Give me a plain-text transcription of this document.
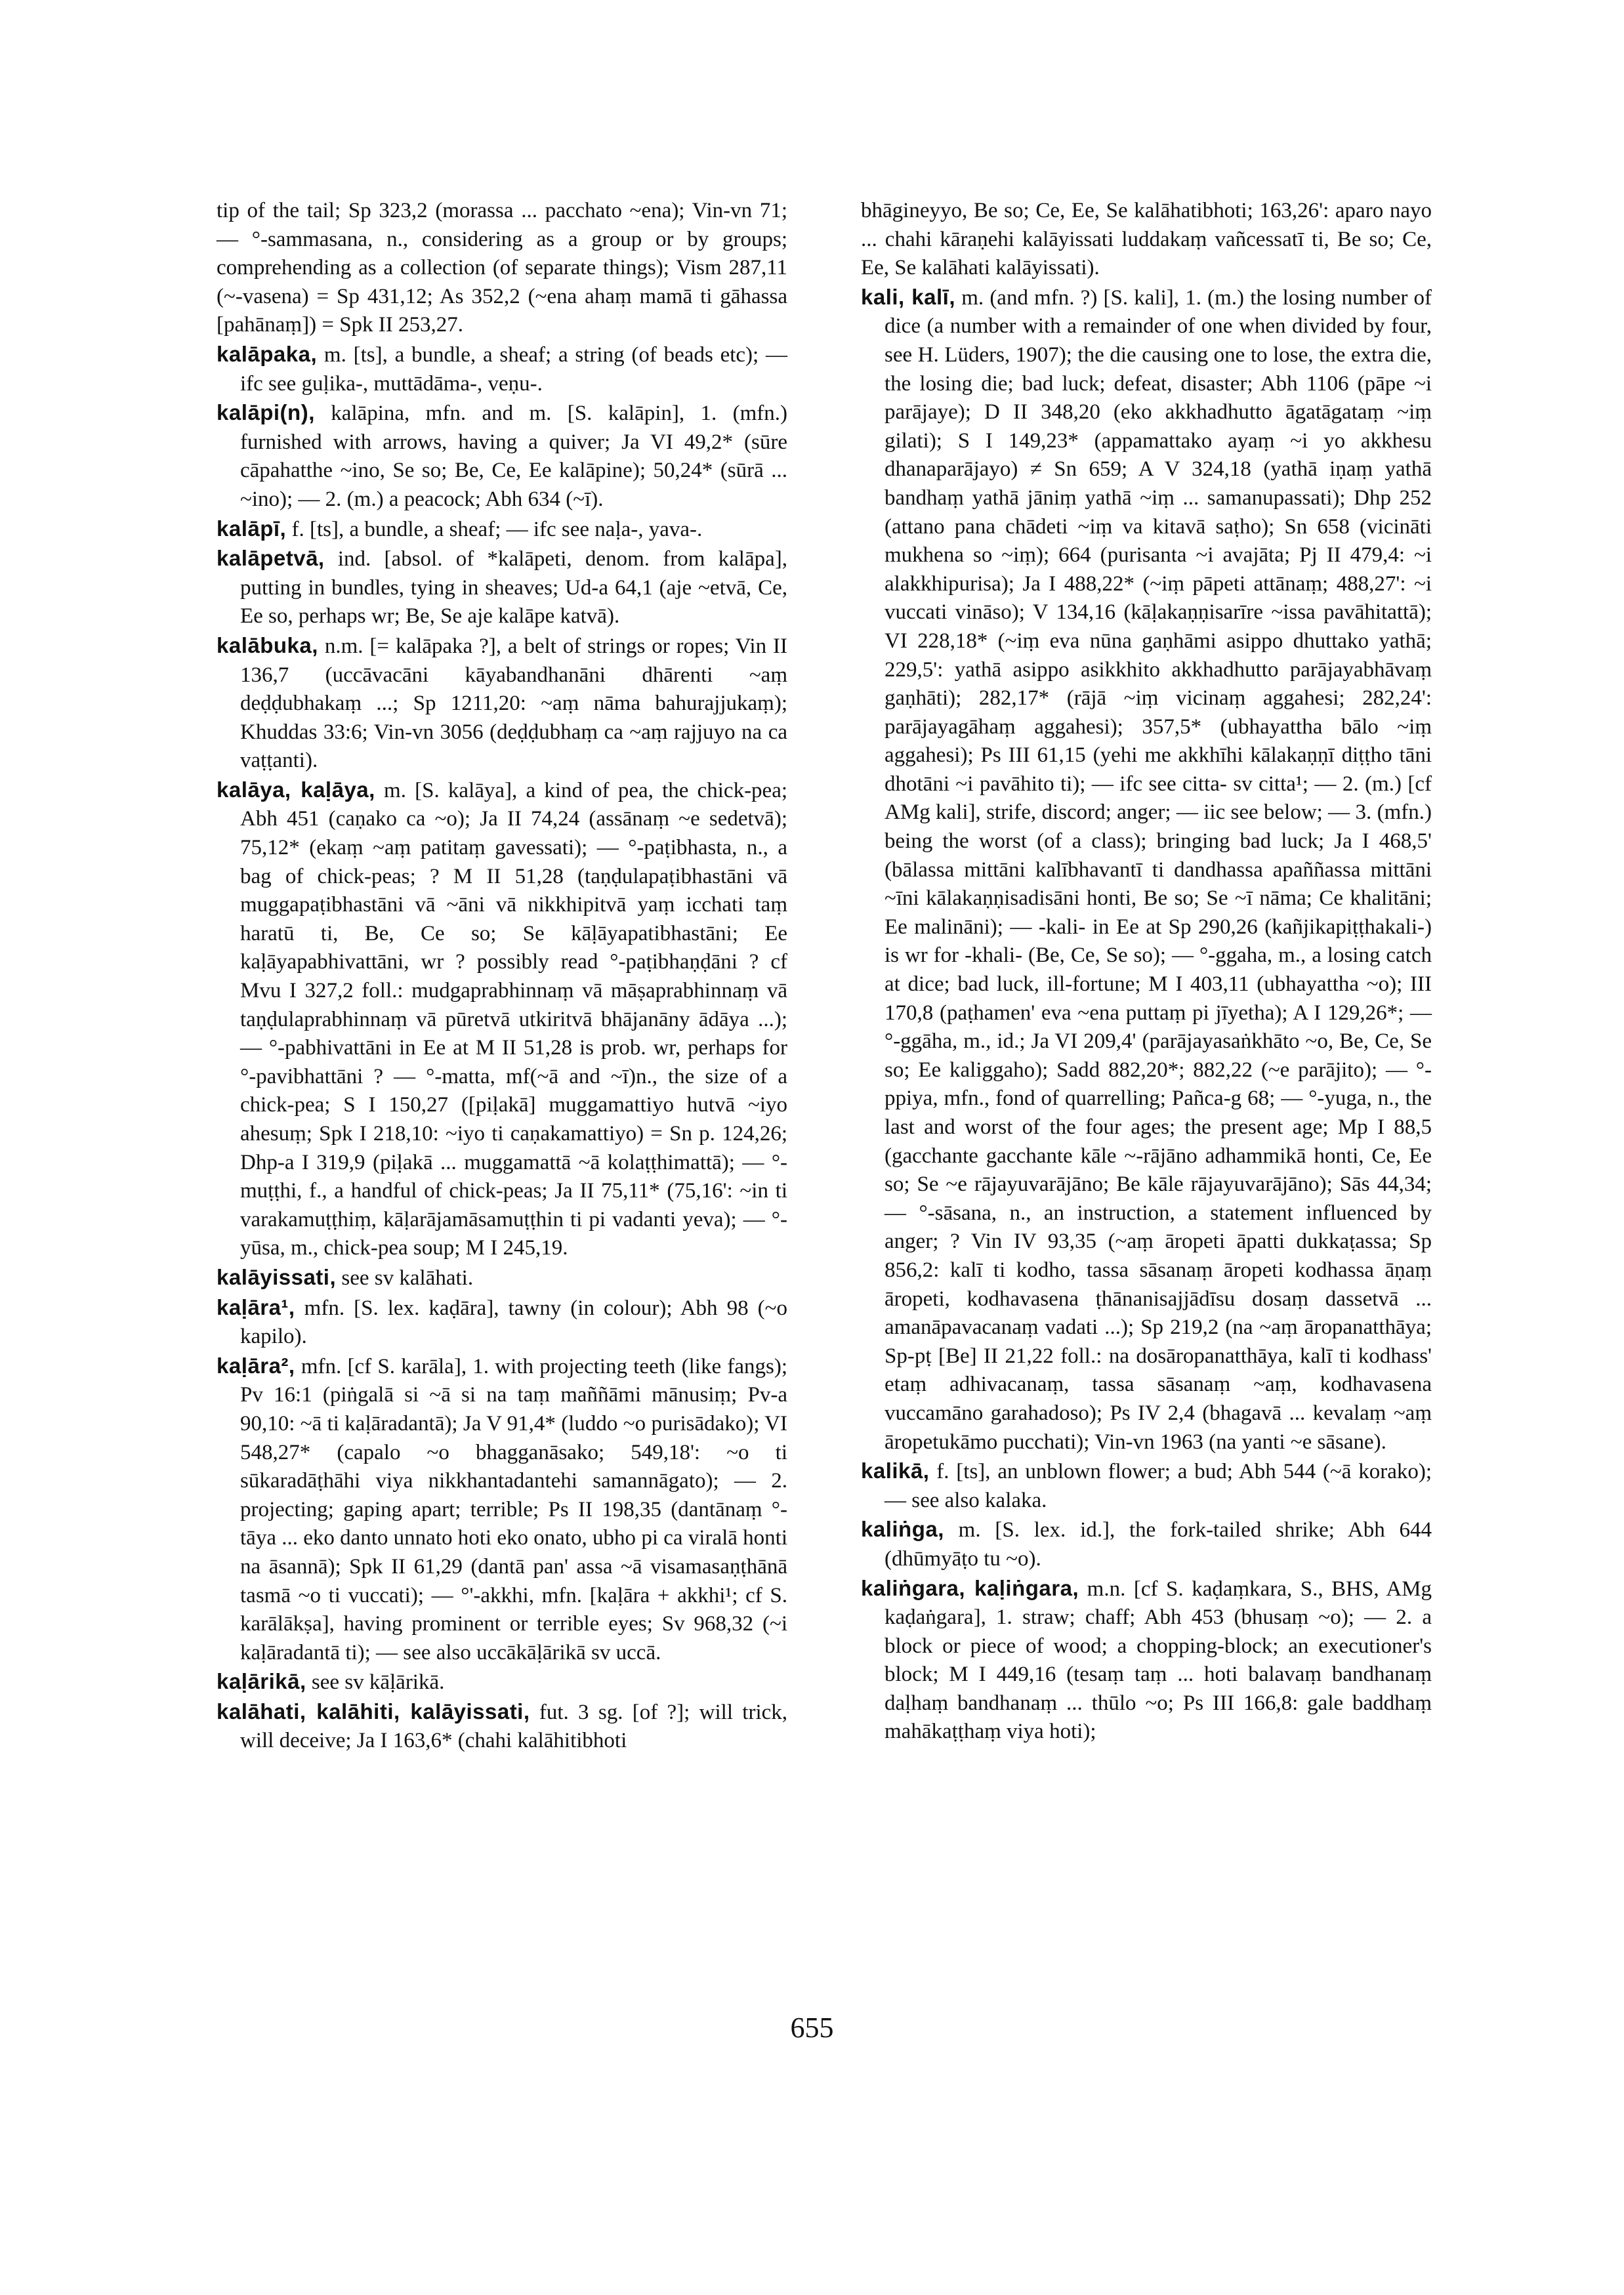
tip of the tail; Sp 323,2 (morassa ... pacchato ~ena); Vin-vn 71; — °-sammasana, n., considering as a group or by groups; comprehending as a collection (of separate things); Vism 287,11 (~-vasena) = Sp 431,12; As 352,2 (~ena ahaṃ mamā ti gāhassa [pahānaṃ]) = Spk II 253,27.

kalāpaka, m. [ts], a bundle, a sheaf; a string (of beads etc); — ifc see guḷika-, muttādāma-, veṇu-.

kalāpi(n), kalāpina, mfn. and m. [S. kalāpin], 1. (mfn.) furnished with arrows, having a quiver; Ja VI 49,2* (sūre cāpahatthe ~ino, Se so; Be, Ce, Ee kalāpine); 50,24* (sūrā ... ~ino); — 2. (m.) a peacock; Abh 634 (~ī).

kalāpī, f. [ts], a bundle, a sheaf; — ifc see naḷa-, yava-.

kalāpetvā, ind. [absol. of *kalāpeti, denom. from kalāpa], putting in bundles, tying in sheaves; Ud-a 64,1 (aje ~etvā, Ce, Ee so, perhaps wr; Be, Se aje kalāpe katvā).

kalābuka, n.m. [= kalāpaka ?], a belt of strings or ropes; Vin II 136,7 (uccāvacāni kāyabandhanāni dhārenti ~aṃ deḍḍubhakaṃ ...; Sp 1211,20: ~aṃ nāma bahurajjukaṃ); Khuddas 33:6; Vin-vn 3056 (deḍḍubhaṃ ca ~aṃ rajjuyo na ca vaṭṭanti).

kalāya, kaḷāya, m. [S. kalāya], a kind of pea, the chick-pea; Abh 451 (caṇako ca ~o); Ja II 74,24 (assānaṃ ~e sedetvā); 75,12* (ekaṃ ~aṃ patitaṃ gavessati); — °-paṭibhasta, n., a bag of chick-peas; ? M II 51,28 (taṇḍulapaṭibhastāni vā muggapaṭibhastāni vā ~āni vā nikkhipitvā yaṃ icchati taṃ haratū ti, Be, Ce so; Se kāḷāyapatibhastāni; Ee kaḷāyapabhivattāni, wr ? possibly read °-paṭibhaṇḍāni ? cf Mvu I 327,2 foll.: mudgaprabhinnaṃ vā māṣaprabhinnaṃ vā taṇḍulaprabhinnaṃ vā pūretvā utkiritvā bhājanāny ādāya ...); — °-pabhivattāni in Ee at M II 51,28 is prob. wr, perhaps for °-pavibhattāni ? — °-matta, mf(~ā and ~ī)n., the size of a chick-pea; S I 150,27 ([piḷakā] muggamattiyo hutvā ~iyo ahesuṃ; Spk I 218,10: ~iyo ti caṇakamattiyo) = Sn p. 124,26; Dhp-a I 319,9 (piḷakā ... muggamattā ~ā kolaṭṭhimattā); — °-muṭṭhi, f., a handful of chick-peas; Ja II 75,11* (75,16': ~in ti varakamuṭṭhiṃ, kāḷarājamāsamuṭṭhin ti pi vadanti yeva); — °-yūsa, m., chick-pea soup; M I 245,19.

kalāyissati, see sv kalāhati.

kaḷāra¹, mfn. [S. lex. kaḍāra], tawny (in colour); Abh 98 (~o kapilo).

kaḷāra², mfn. [cf S. karāla], 1. with projecting teeth (like fangs); Pv 16:1 (piṅgalā si ~ā si na taṃ maññāmi mānusiṃ; Pv-a 90,10: ~ā ti kaḷāradantā); Ja V 91,4* (luddo ~o purisādako); VI 548,27* (capalo ~o bhagganāsako; 549,18': ~o ti sūkaradāṭhāhi viya nikkhantadantehi samannāgato); — 2. projecting; gaping apart; terrible; Ps II 198,35 (dantānaṃ °-tāya ... eko danto unnato hoti eko onato, ubho pi ca viralā honti na āsannā); Spk II 61,29 (dantā pan' assa ~ā visamasaṇṭhānā tasmā ~o ti vuccati); — °'-akkhi, mfn. [kaḷāra + akkhi¹; cf S. karālākṣa], having prominent or terrible eyes; Sv 968,32 (~i kaḷāradantā ti); — see also uccākāḷārikā sv uccā.

kaḷārikā, see sv kāḷārikā.

kalāhati, kalāhiti, kalāyissati, fut. 3 sg. [of ?]; will trick, will deceive; Ja I 163,6* (chahi kalāhitibhoti

bhāgineyyo, Be so; Ce, Ee, Se kalāhatibhoti; 163,26': aparo nayo ... chahi kāraṇehi kalāyissati luddakaṃ vañcessatī ti, Be so; Ce, Ee, Se kalāhati kalāyissati).

kali, kalī, m. (and mfn. ?) [S. kali], 1. (m.) the losing number of dice (a number with a remainder of one when divided by four, see H. Lüders, 1907); the die causing one to lose, the extra die, the losing die; bad luck; defeat, disaster; Abh 1106 (pāpe ~i parājaye); D II 348,20 (eko akkhadhutto āgatāgataṃ ~iṃ gilati); S I 149,23* (appamattako ayaṃ ~i yo akkhesu dhanaparājayo) ≠ Sn 659; A V 324,18 (yathā iṇaṃ yathā bandhaṃ yathā jāniṃ yathā ~iṃ ... samanupassati); Dhp 252 (attano pana chādeti ~iṃ va kitavā saṭho); Sn 658 (vicināti mukhena so ~iṃ); 664 (purisanta ~i avajāta; Pj II 479,4: ~i alakkhipurisa); Ja I 488,22* (~iṃ pāpeti attānaṃ; 488,27': ~i vuccati vināso); V 134,16 (kāḷakaṇṇisarīre ~issa pavāhitattā); VI 228,18* (~iṃ eva nūna gaṇhāmi asippo dhuttako yathā; 229,5': yathā asippo asikkhito akkhadhutto parājayabhāvaṃ gaṇhāti); 282,17* (rājā ~iṃ vicinaṃ aggahesi; 282,24': parājayagāhaṃ aggahesi); 357,5* (ubhayattha bālo ~iṃ aggahesi); Ps III 61,15 (yehi me akkhīhi kālakaṇṇī diṭṭho tāni dhotāni ~i pavāhito ti); — ifc see citta- sv citta¹; — 2. (m.) [cf AMg kali], strife, discord; anger; — iic see below; — 3. (mfn.) being the worst (of a class); bringing bad luck; Ja I 468,5' (bālassa mittāni kalībhavantī ti dandhassa apaññassa mittāni ~īni kālakaṇṇisadisāni honti, Be so; Se ~ī nāma; Ce khalitāni; Ee malināni); — -kali- in Ee at Sp 290,26 (kañjikapiṭṭhakali-) is wr for -khali- (Be, Ce, Se so); — °-ggaha, m., a losing catch at dice; bad luck, ill-fortune; M I 403,11 (ubhayattha ~o); III 170,8 (paṭhamen' eva ~ena puttaṃ pi jīyetha); A I 129,26*; — °-ggāha, m., id.; Ja VI 209,4' (parājayasaṅkhāto ~o, Be, Ce, Se so; Ee kaliggaho); Sadd 882,20*; 882,22 (~e parājito); — °-ppiya, mfn., fond of quarrelling; Pañca-g 68; — °-yuga, n., the last and worst of the four ages; the present age; Mp I 88,5 (gacchante gacchante kāle ~-rājāno adhammikā honti, Ce, Ee so; Se ~e rājayuvarājāno; Be kāle rājayuvarājāno); Sās 44,34; — °-sāsana, n., an instruction, a statement influenced by anger; ? Vin IV 93,35 (~aṃ āropeti āpatti dukkaṭassa; Sp 856,2: kalī ti kodho, tassa sāsanaṃ āropeti kodhassa āṇaṃ āropeti, kodhavasena ṭhānanisajjādīsu dosaṃ dassetvā ... amanāpavacanaṃ vadati ...); Sp 219,2 (na ~aṃ āropanatthāya; Sp-pṭ [Be] II 21,22 foll.: na dosāropanatthāya, kalī ti kodhass' etaṃ adhivacanaṃ, tassa sāsanaṃ ~aṃ, kodhavasena vuccamāno garahadoso); Ps IV 2,4 (bhagavā ... kevalaṃ ~aṃ āropetukāmo pucchati); Vin-vn 1963 (na yanti ~e sāsane).

kalikā, f. [ts], an unblown flower; a bud; Abh 544 (~ā korako); — see also kalaka.

kaliṅga, m. [S. lex. id.], the fork-tailed shrike; Abh 644 (dhūmyāṭo tu ~o).

kaliṅgara, kaḷiṅgara, m.n. [cf S. kaḍaṃkara, S., BHS, AMg kaḍaṅgara], 1. straw; chaff; Abh 453 (bhusaṃ ~o); — 2. a block or piece of wood; a chopping-block; an executioner's block; M I 449,16 (tesaṃ taṃ ... hoti balavaṃ bandhanaṃ daḷhaṃ bandhanaṃ ... thūlo ~o; Ps III 166,8: gale baddhaṃ mahākaṭṭhaṃ viya hoti);

655
